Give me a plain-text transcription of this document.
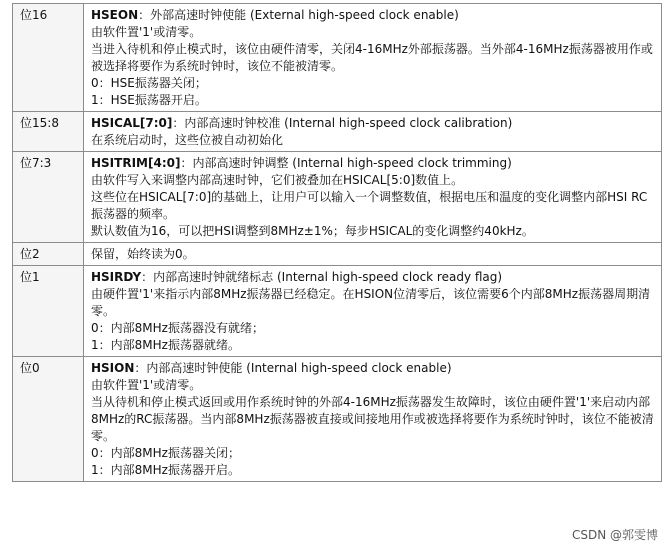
位16	HSEON：外部高速时钟使能 (External high-speed clock enable)
由软件置'1'或清零。
当进入待机和停止模式时，该位由硬件清零，关闭4-16MHz外部振荡器。当外部4-16MHz振荡器被用作或被选择将要作为系统时钟时，该位不能被清零。
0：HSE振荡器关闭；
1：HSE振荡器开启。

位15:8	HSICAL[7:0]：内部高速时钟校准 (Internal high-speed clock calibration)
在系统启动时，这些位被自动初始化

位7:3	HSITRIM[4:0]：内部高速时钟调整 (Internal high-speed clock trimming)
由软件写入来调整内部高速时钟，它们被叠加在HSICAL[5:0]数值上。
这些位在HSICAL[7:0]的基础上，让用户可以输入一个调整数值，根据电压和温度的变化调整内部HSI RC振荡器的频率。
默认数值为16，可以把HSI调整到8MHz±1%；每步HSICAL的变化调整约40kHz。

位2	保留，始终读为0。

位1	HSIRDY：内部高速时钟就绪标志 (Internal high-speed clock ready flag)
由硬件置'1'来指示内部8MHz振荡器已经稳定。在HSION位清零后，该位需要6个内部8MHz振荡器周期清零。
0：内部8MHz振荡器没有就绪；
1：内部8MHz振荡器就绪。

位0	HSION：内部高速时钟使能 (Internal high-speed clock enable)
由软件置'1'或清零。
当从待机和停止模式返回或用作系统时钟的外部4-16MHz振荡器发生故障时，该位由硬件置'1'来启动内部8MHz的RC振荡器。当内部8MHz振荡器被直接或间接地用作或被选择将要作为系统时钟时，该位不能被清零。
0：内部8MHz振荡器关闭；
1：内部8MHz振荡器开启。
CSDN @郭雯博
